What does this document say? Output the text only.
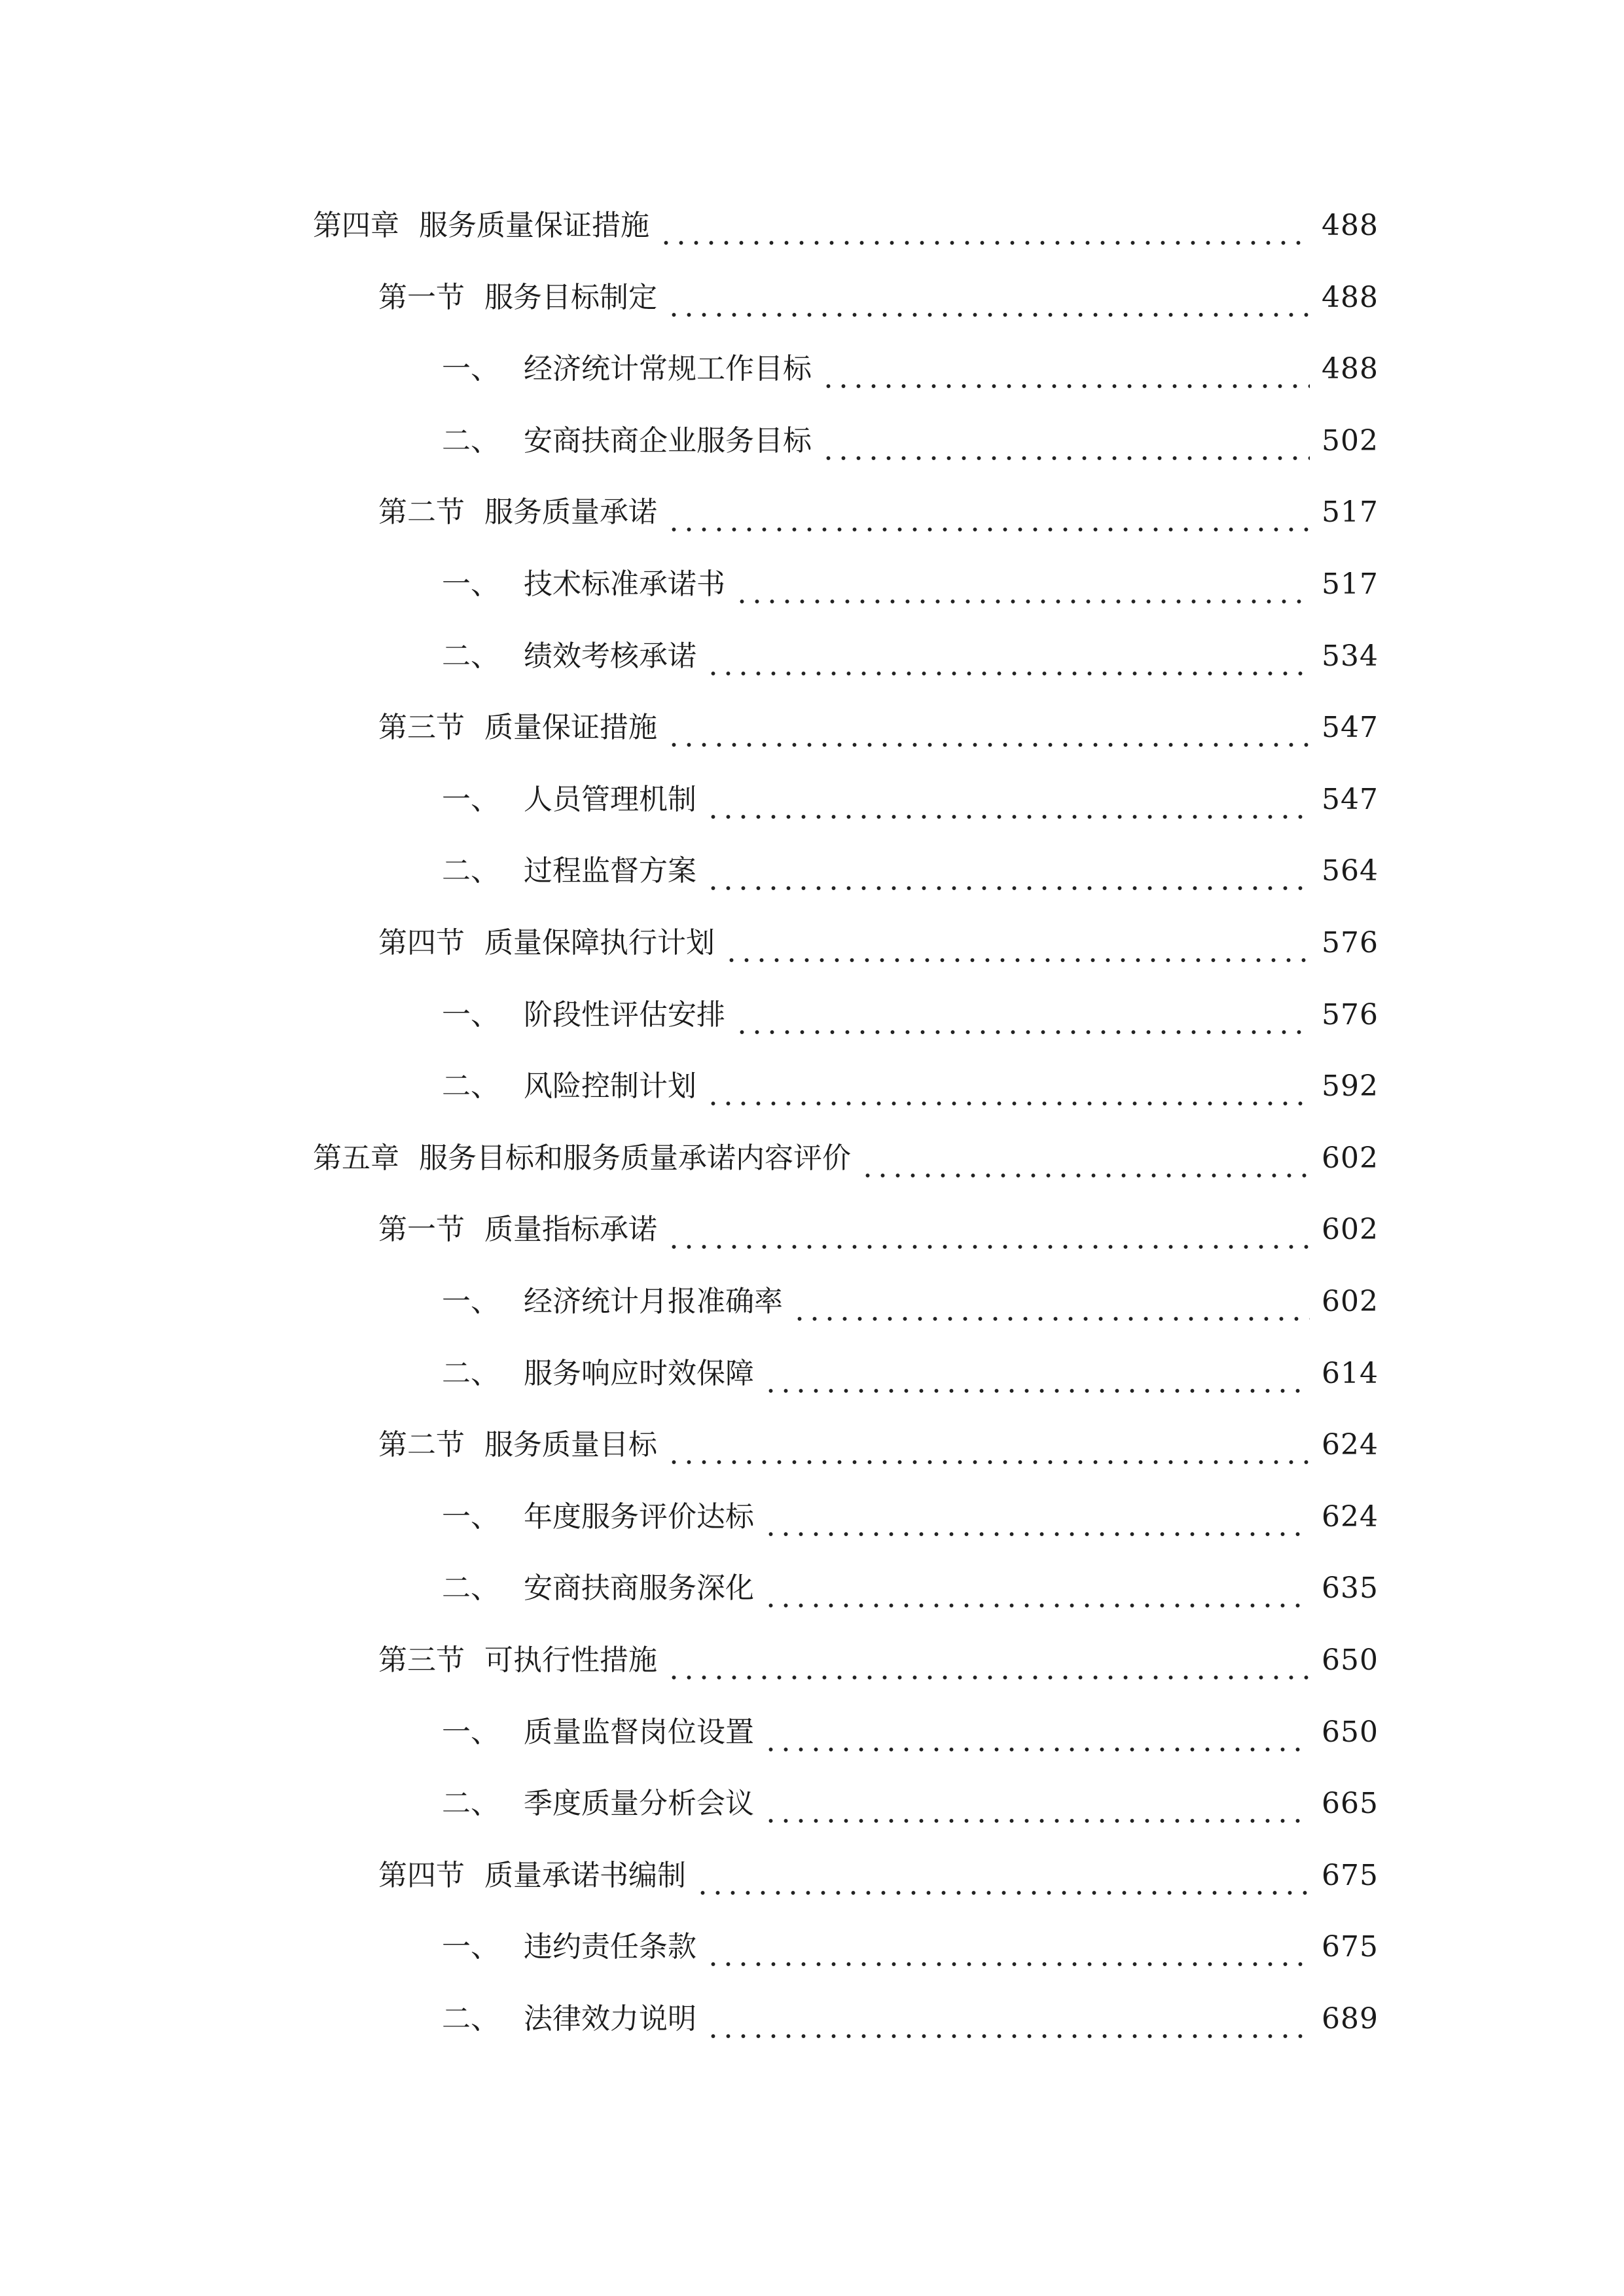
第四章 服务质量保证措施	488
第一节 服务目标制定	488
一、 经济统计常规工作目标	488
二、 安商扶商企业服务目标	502
第二节 服务质量承诺	517
一、 技术标准承诺书	517
二、 绩效考核承诺	534
第三节 质量保证措施	547
一、 人员管理机制	547
二、 过程监督方案	564
第四节 质量保障执行计划	576
一、 阶段性评估安排	576
二、 风险控制计划	592
第五章 服务目标和服务质量承诺内容评价	602
第一节 质量指标承诺	602
一、 经济统计月报准确率	602
二、 服务响应时效保障	614
第二节 服务质量目标	624
一、 年度服务评价达标	624
二、 安商扶商服务深化	635
第三节 可执行性措施	650
一、 质量监督岗位设置	650
二、 季度质量分析会议	665
第四节 质量承诺书编制	675
一、 违约责任条款	675
二、 法律效力说明	689
